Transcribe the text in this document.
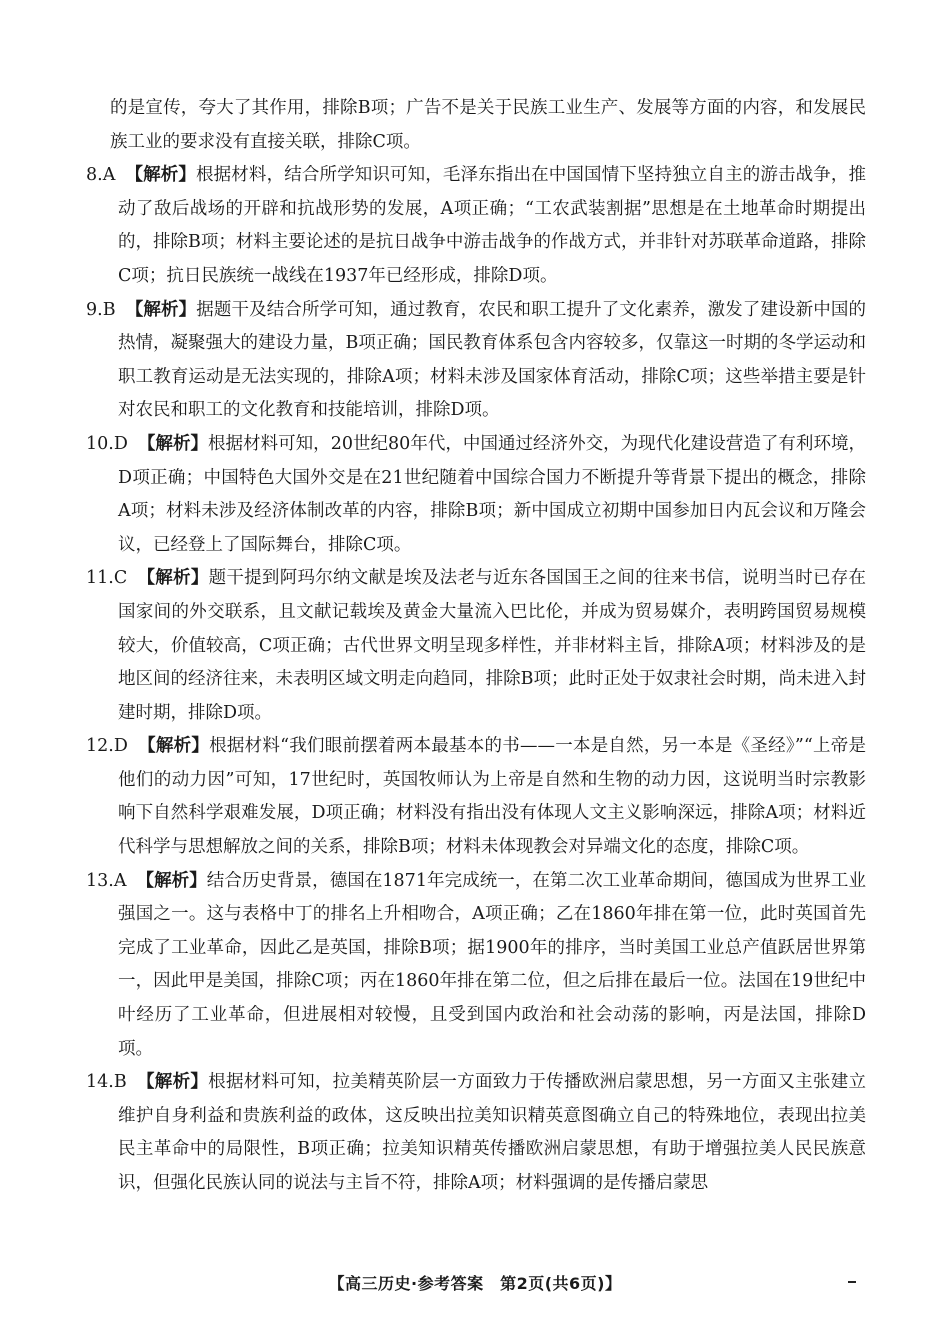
的是宣传，夸大了其作用，排除B项；广告不是关于民族工业生产、发展等方面的内容，和发展民族工业的要求没有直接关联，排除C项。

8.A 【解析】根据材料，结合所学知识可知，毛泽东指出在中国国情下坚持独立自主的游击战争，推动了敌后战场的开辟和抗战形势的发展，A项正确；“工农武装割据”思想是在土地革命时期提出的，排除B项；材料主要论述的是抗日战争中游击战争的作战方式，并非针对苏联革命道路，排除C项；抗日民族统一战线在1937年已经形成，排除D项。

9.B 【解析】据题干及结合所学可知，通过教育，农民和职工提升了文化素养，激发了建设新中国的热情，凝聚强大的建设力量，B项正确；国民教育体系包含内容较多，仅靠这一时期的冬学运动和职工教育运动是无法实现的，排除A项；材料未涉及国家体育活动，排除C项；这些举措主要是针对农民和职工的文化教育和技能培训，排除D项。

10.D 【解析】根据材料可知，20世纪80年代，中国通过经济外交，为现代化建设营造了有利环境，D项正确；中国特色大国外交是在21世纪随着中国综合国力不断提升等背景下提出的概念，排除A项；材料未涉及经济体制改革的内容，排除B项；新中国成立初期中国参加日内瓦会议和万隆会议，已经登上了国际舞台，排除C项。

11.C 【解析】题干提到阿玛尔纳文献是埃及法老与近东各国国王之间的往来书信，说明当时已存在国家间的外交联系，且文献记载埃及黄金大量流入巴比伦，并成为贸易媒介，表明跨国贸易规模较大，价值较高，C项正确；古代世界文明呈现多样性，并非材料主旨，排除A项；材料涉及的是地区间的经济往来，未表明区域文明走向趋同，排除B项；此时正处于奴隶社会时期，尚未进入封建时期，排除D项。

12.D 【解析】根据材料“我们眼前摆着两本最基本的书——一本是自然，另一本是《圣经》”“上帝是他们的动力因”可知，17世纪时，英国牧师认为上帝是自然和生物的动力因，这说明当时宗教影响下自然科学艰难发展，D项正确；材料没有指出没有体现人文主义影响深远，排除A项；材料近代科学与思想解放之间的关系，排除B项；材料未体现教会对异端文化的态度，排除C项。

13.A 【解析】结合历史背景，德国在1871年完成统一，在第二次工业革命期间，德国成为世界工业强国之一。这与表格中丁的排名上升相吻合，A项正确；乙在1860年排在第一位，此时英国首先完成了工业革命，因此乙是英国，排除B项；据1900年的排序，当时美国工业总产值跃居世界第一，因此甲是美国，排除C项；丙在1860年排在第二位，但之后排在最后一位。法国在19世纪中叶经历了工业革命，但进展相对较慢，且受到国内政治和社会动荡的影响，丙是法国，排除D项。

14.B 【解析】根据材料可知，拉美精英阶层一方面致力于传播欧洲启蒙思想，另一方面又主张建立维护自身利益和贵族利益的政体，这反映出拉美知识精英意图确立自己的特殊地位，表现出拉美民主革命中的局限性，B项正确；拉美知识精英传播欧洲启蒙思想，有助于增强拉美人民民族意识，但强化民族认同的说法与主旨不符，排除A项；材料强调的是传播启蒙思

【高三历史·参考答案　第2页(共6页)】
